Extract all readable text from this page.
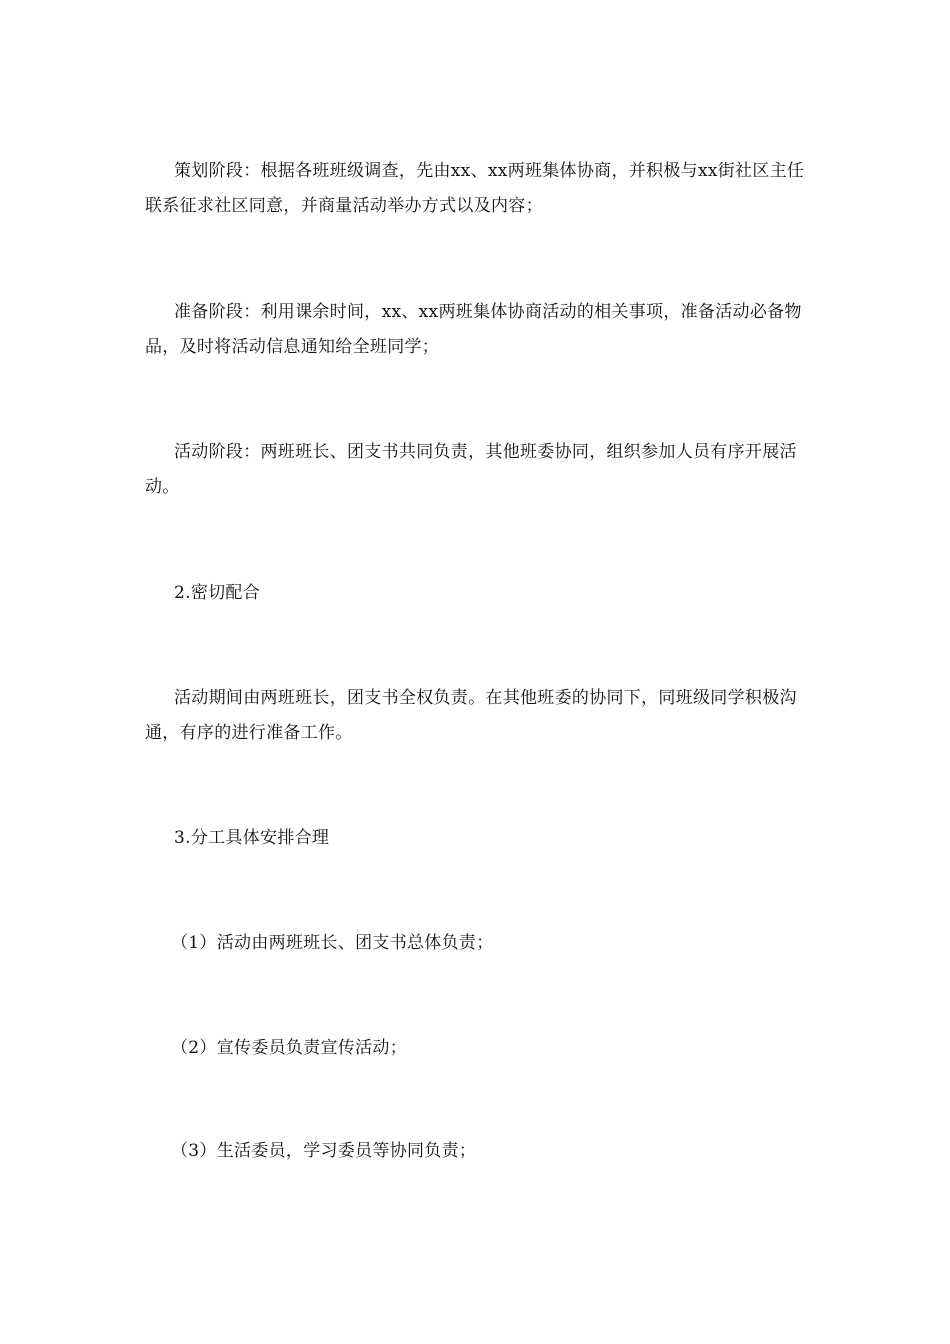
策划阶段：根据各班班级调查，先由xx、xx两班集体协商，并积极与xx街社区主任联系征求社区同意，并商量活动举办方式以及内容；

准备阶段：利用课余时间，xx、xx两班集体协商活动的相关事项，准备活动必备物品，及时将活动信息通知给全班同学；

活动阶段：两班班长、团支书共同负责，其他班委协同，组织参加人员有序开展活动。

2.密切配合

活动期间由两班班长，团支书全权负责。在其他班委的协同下，同班级同学积极沟通，有序的进行准备工作。

3.分工具体安排合理

（1）活动由两班班长、团支书总体负责；

（2）宣传委员负责宣传活动；

（3）生活委员，学习委员等协同负责；
